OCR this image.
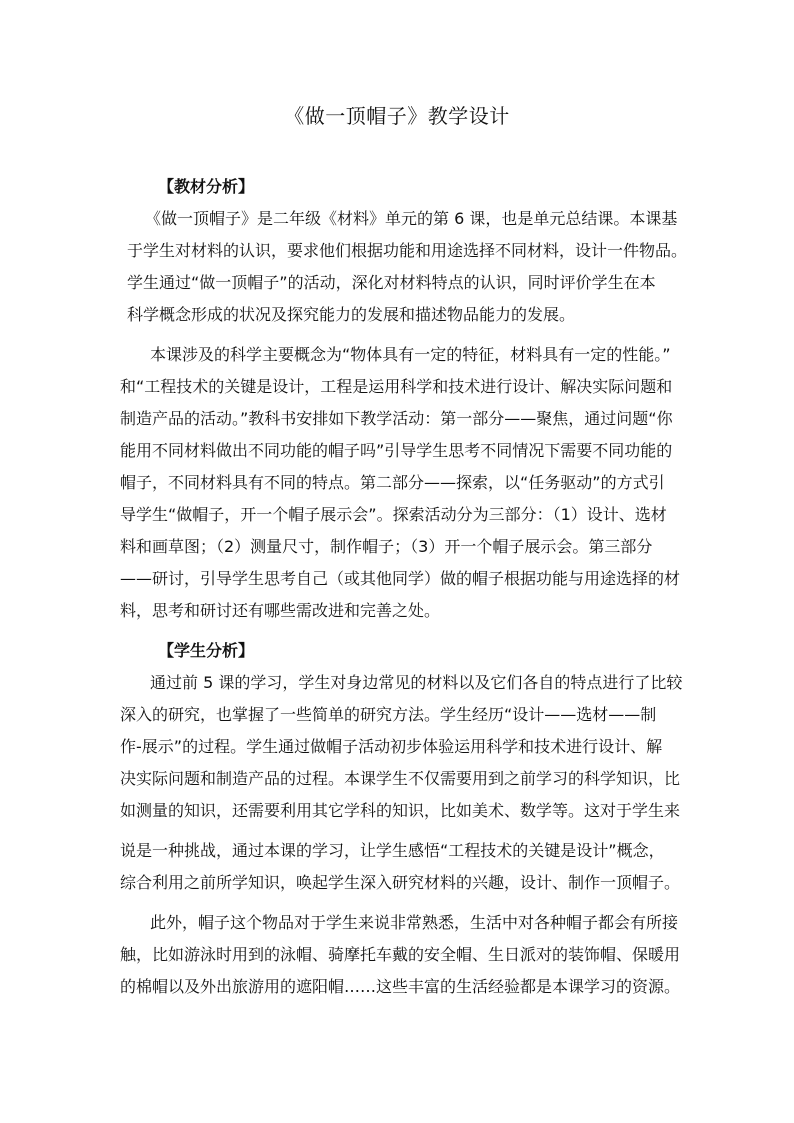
《做一顶帽子》教学设计
【教材分析】
《做一顶帽子》是二年级《材料》单元的第 6 课，也是单元总结课。本课基
于学生对材料的认识，要求他们根据功能和用途选择不同材料，设计一件物品。
学生通过“做一顶帽子”的活动，深化对材料特点的认识，同时评价学生在本
科学概念形成的状况及探究能力的发展和描述物品能力的发展。
本课涉及的科学主要概念为“物体具有一定的特征，材料具有一定的性能。”
和“工程技术的关键是设计，工程是运用科学和技术进行设计、解决实际问题和
制造产品的活动。”教科书安排如下教学活动：第一部分——聚焦，通过问题“你
能用不同材料做出不同功能的帽子吗”引导学生思考不同情况下需要不同功能的
帽子，不同材料具有不同的特点。第二部分——探索，以“任务驱动”的方式引
导学生“做帽子，开一个帽子展示会”。探索活动分为三部分：（1）设计、选材
料和画草图；（2）测量尺寸，制作帽子；（3）开一个帽子展示会。第三部分
——研讨，引导学生思考自己（或其他同学）做的帽子根据功能与用途选择的材
料，思考和研讨还有哪些需改进和完善之处。
【学生分析】
通过前 5 课的学习，学生对身边常见的材料以及它们各自的特点进行了比较
深入的研究，也掌握了一些简单的研究方法。学生经历“设计——选材——制
作-展示”的过程。学生通过做帽子活动初步体验运用科学和技术进行设计、解
决实际问题和制造产品的过程。本课学生不仅需要用到之前学习的科学知识，比
如测量的知识，还需要利用其它学科的知识，比如美术、数学等。这对于学生来
说是一种挑战，通过本课的学习，让学生感悟“工程技术的关键是设计”概念，
综合利用之前所学知识，唤起学生深入研究材料的兴趣，设计、制作一顶帽子。
此外，帽子这个物品对于学生来说非常熟悉，生活中对各种帽子都会有所接
触，比如游泳时用到的泳帽、骑摩托车戴的安全帽、生日派对的装饰帽、保暖用
的棉帽以及外出旅游用的遮阳帽……这些丰富的生活经验都是本课学习的资源。
